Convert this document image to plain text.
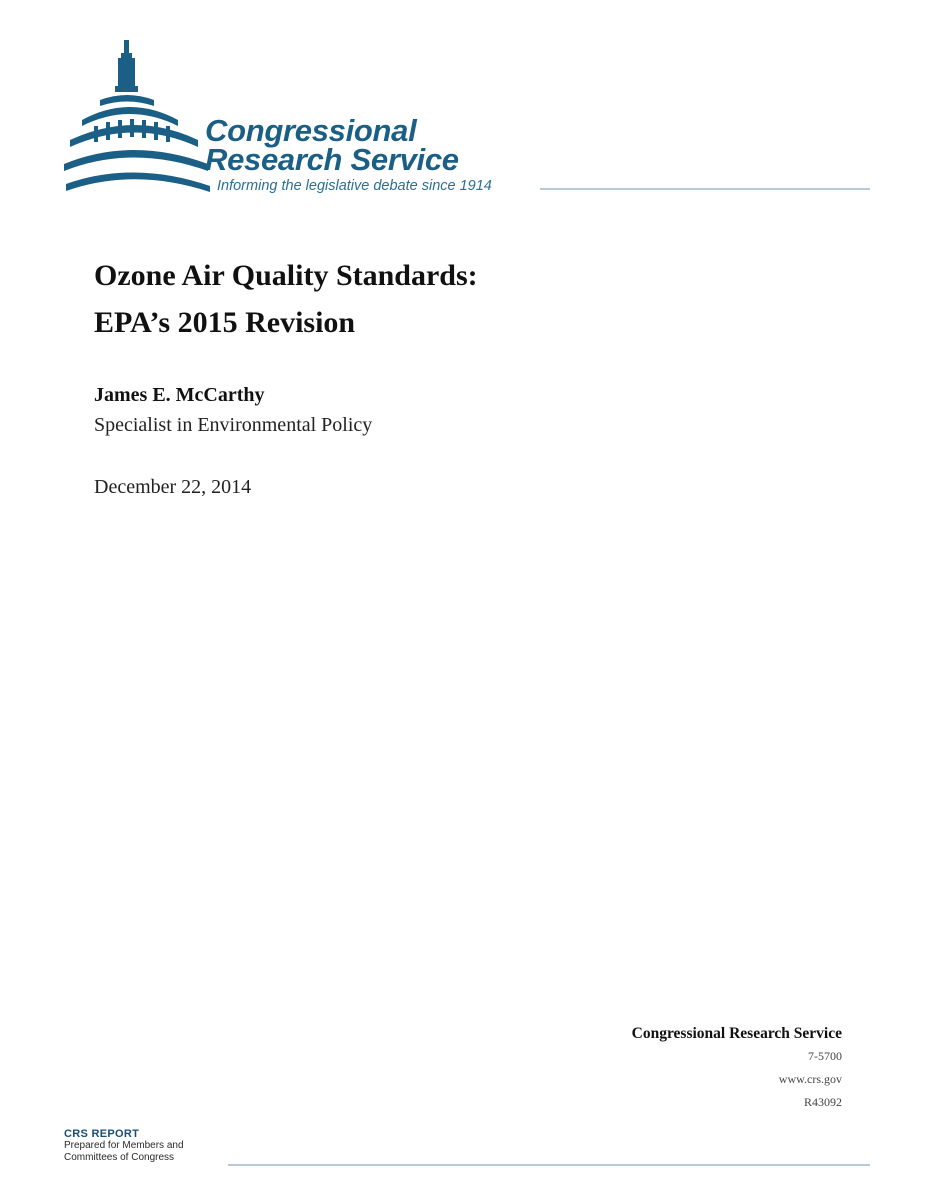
Congressional
Research Service
Informing the legislative debate since 1914
Ozone Air Quality Standards:
EPA’s 2015 Revision
James E. McCarthy
Specialist in Environmental Policy
December 22, 2014
Congressional Research Service
7-5700
www.crs.gov
R43092
CRS REPORT
Prepared for Members and
Committees of Congress
